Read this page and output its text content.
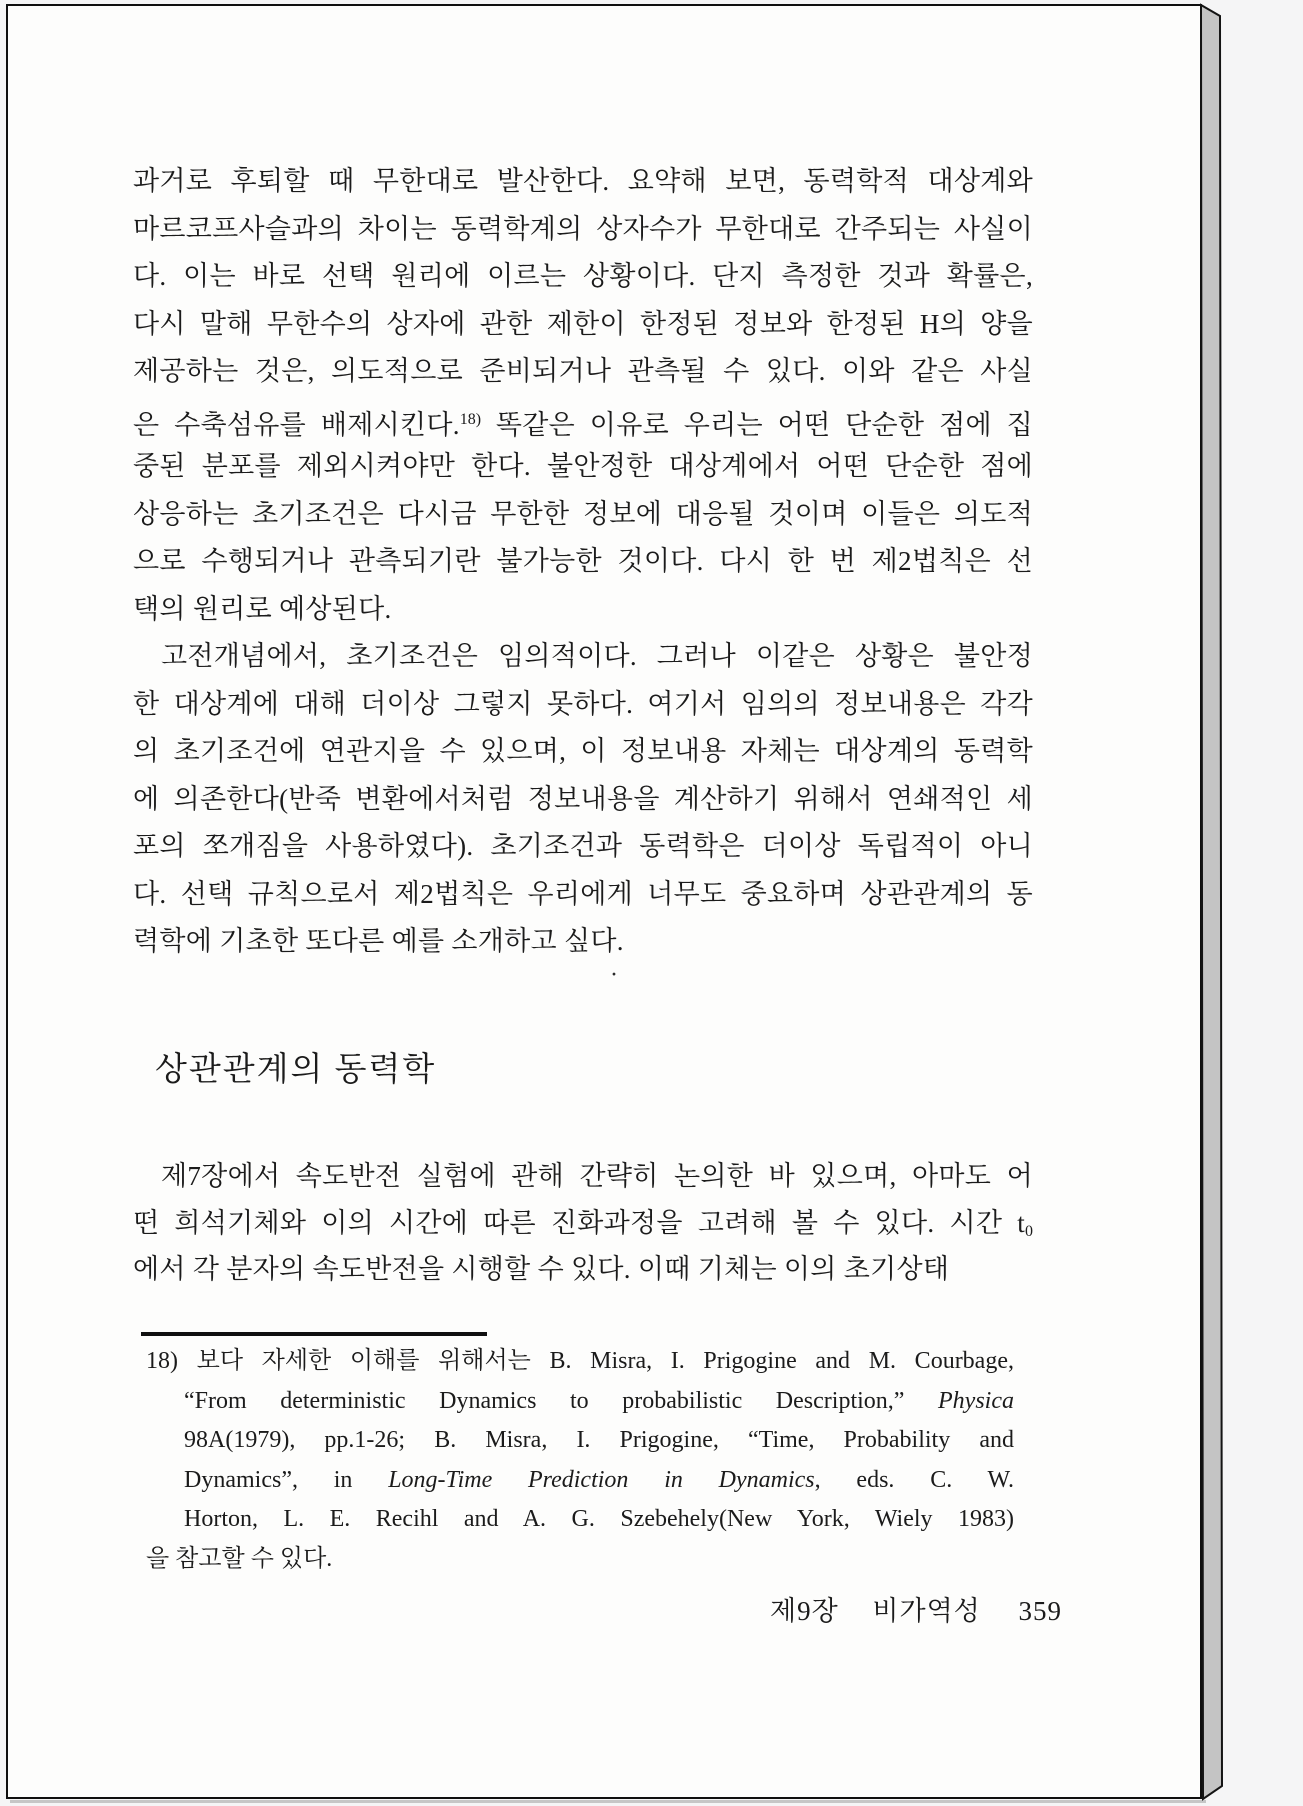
과거로 후퇴할 때 무한대로 발산한다. 요약해 보면, 동력학적 대상계와
마르코프사슬과의 차이는 동력학계의 상자수가 무한대로 간주되는 사실이
다. 이는 바로 선택 원리에 이르는 상황이다. 단지 측정한 것과 확률은,
다시 말해 무한수의 상자에 관한 제한이 한정된 정보와 한정된 H의 양을
제공하는 것은, 의도적으로 준비되거나 관측될 수 있다. 이와 같은 사실
은 수축섬유를 배제시킨다.$^{18)}$ 똑같은 이유로 우리는 어떤 단순한 점에 집
중된 분포를 제외시켜야만 한다. 불안정한 대상계에서 어떤 단순한 점에
상응하는 초기조건은 다시금 무한한 정보에 대응될 것이며 이들은 의도적
으로 수행되거나 관측되기란 불가능한 것이다. 다시 한 번 제2법칙은 선
택의 원리로 예상된다.
고전개념에서, 초기조건은 임의적이다. 그러나 이같은 상황은 불안정
한 대상계에 대해 더이상 그렇지 못하다. 여기서 임의의 정보내용은 각각
의 초기조건에 연관지을 수 있으며, 이 정보내용 자체는 대상계의 동력학
에 의존한다(반죽 변환에서처럼 정보내용을 계산하기 위해서 연쇄적인 세
포의 쪼개짐을 사용하였다). 초기조건과 동력학은 더이상 독립적이 아니
다. 선택 규칙으로서 제2법칙은 우리에게 너무도 중요하며 상관관계의 동
력학에 기초한 또다른 예를 소개하고 싶다.
·
상관관계의 동력학
제7장에서 속도반전 실험에 관해 간략히 논의한 바 있으며, 아마도 어
떤 희석기체와 이의 시간에 따른 진화과정을 고려해 볼 수 있다. 시간 t0
에서 각 분자의 속도반전을 시행할 수 있다. 이때 기체는 이의 초기상태
18) 보다 자세한 이해를 위해서는 B. Misra, I. Prigogine and M. Courbage,
“From deterministic Dynamics to probabilistic Description,” Physica
98A(1979), pp.1-26; B. Misra, I. Prigogine, “Time, Probability and
Dynamics”, in Long-Time Prediction in Dynamics, eds. C. W.
Horton, L. E. Recihl and A. G. Szebehely(New York, Wiely 1983)
을 참고할 수 있다.
제9장 비가역성 359
